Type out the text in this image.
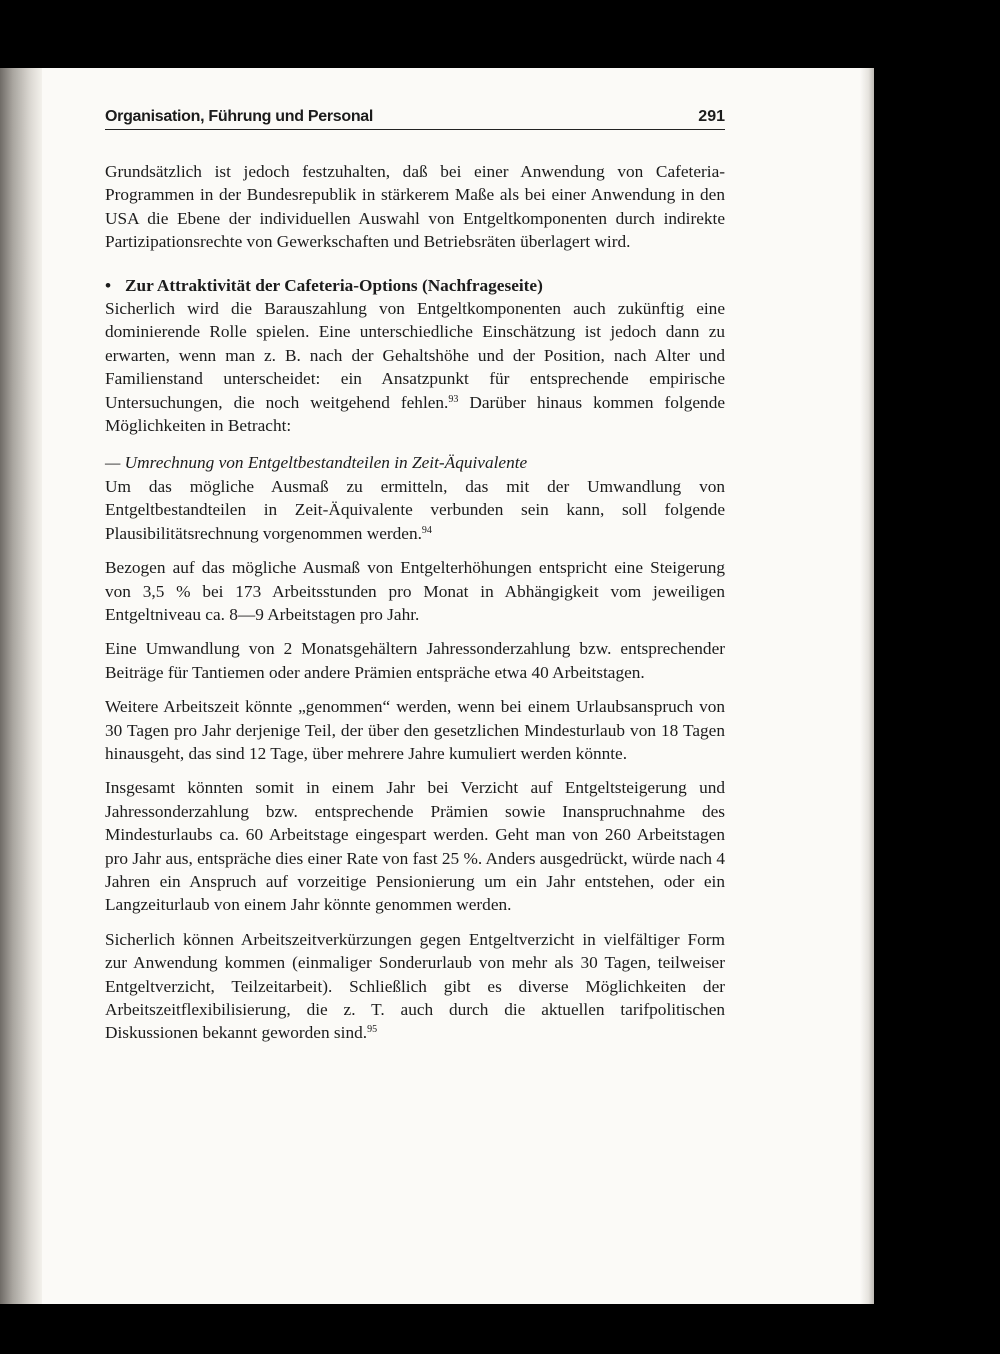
Organisation, Führung und Personal	291

Grundsätzlich ist jedoch festzuhalten, daß bei einer Anwendung von Cafeteria-Programmen in der Bundesrepublik in stärkerem Maße als bei einer Anwendung in den USA die Ebene der individuellen Auswahl von Entgeltkomponenten durch indirekte Partizipationsrechte von Gewerkschaften und Betriebsräten überlagert wird.

• Zur Attraktivität der Cafeteria-Options (Nachfrageseite)

Sicherlich wird die Barauszahlung von Entgeltkomponenten auch zukünftig eine dominierende Rolle spielen. Eine unterschiedliche Einschätzung ist jedoch dann zu erwarten, wenn man z. B. nach der Gehaltshöhe und der Position, nach Alter und Familienstand unterscheidet: ein Ansatzpunkt für entsprechende empirische Untersuchungen, die noch weitgehend fehlen.$^{93}$ Darüber hinaus kommen folgende Möglichkeiten in Betracht:

— Umrechnung von Entgeltbestandteilen in Zeit-Äquivalente

Um das mögliche Ausmaß zu ermitteln, das mit der Umwandlung von Entgeltbestandteilen in Zeit-Äquivalente verbunden sein kann, soll folgende Plausibilitätsrechnung vorgenommen werden.$^{94}$

Bezogen auf das mögliche Ausmaß von Entgelterhöhungen entspricht eine Steigerung von 3,5 % bei 173 Arbeitsstunden pro Monat in Abhängigkeit vom jeweiligen Entgeltniveau ca. 8—9 Arbeitstagen pro Jahr.

Eine Umwandlung von 2 Monatsgehältern Jahressonderzahlung bzw. entsprechender Beiträge für Tantiemen oder andere Prämien entspräche etwa 40 Arbeitstagen.

Weitere Arbeitszeit könnte „genommen“ werden, wenn bei einem Urlaubsanspruch von 30 Tagen pro Jahr derjenige Teil, der über den gesetzlichen Mindesturlaub von 18 Tagen hinausgeht, das sind 12 Tage, über mehrere Jahre kumuliert werden könnte.

Insgesamt könnten somit in einem Jahr bei Verzicht auf Entgeltsteigerung und Jahressonderzahlung bzw. entsprechende Prämien sowie Inanspruchnahme des Mindesturlaubs ca. 60 Arbeitstage eingespart werden. Geht man von 260 Arbeitstagen pro Jahr aus, entspräche dies einer Rate von fast 25 %. Anders ausgedrückt, würde nach 4 Jahren ein Anspruch auf vorzeitige Pensionierung um ein Jahr entstehen, oder ein Langzeiturlaub von einem Jahr könnte genommen werden.

Sicherlich können Arbeitszeitverkürzungen gegen Entgeltverzicht in vielfältiger Form zur Anwendung kommen (einmaliger Sonderurlaub von mehr als 30 Tagen, teilweiser Entgeltverzicht, Teilzeitarbeit). Schließlich gibt es diverse Möglichkeiten der Arbeitszeitflexibilisierung, die z. T. auch durch die aktuellen tarifpolitischen Diskussionen bekannt geworden sind.$^{95}$
